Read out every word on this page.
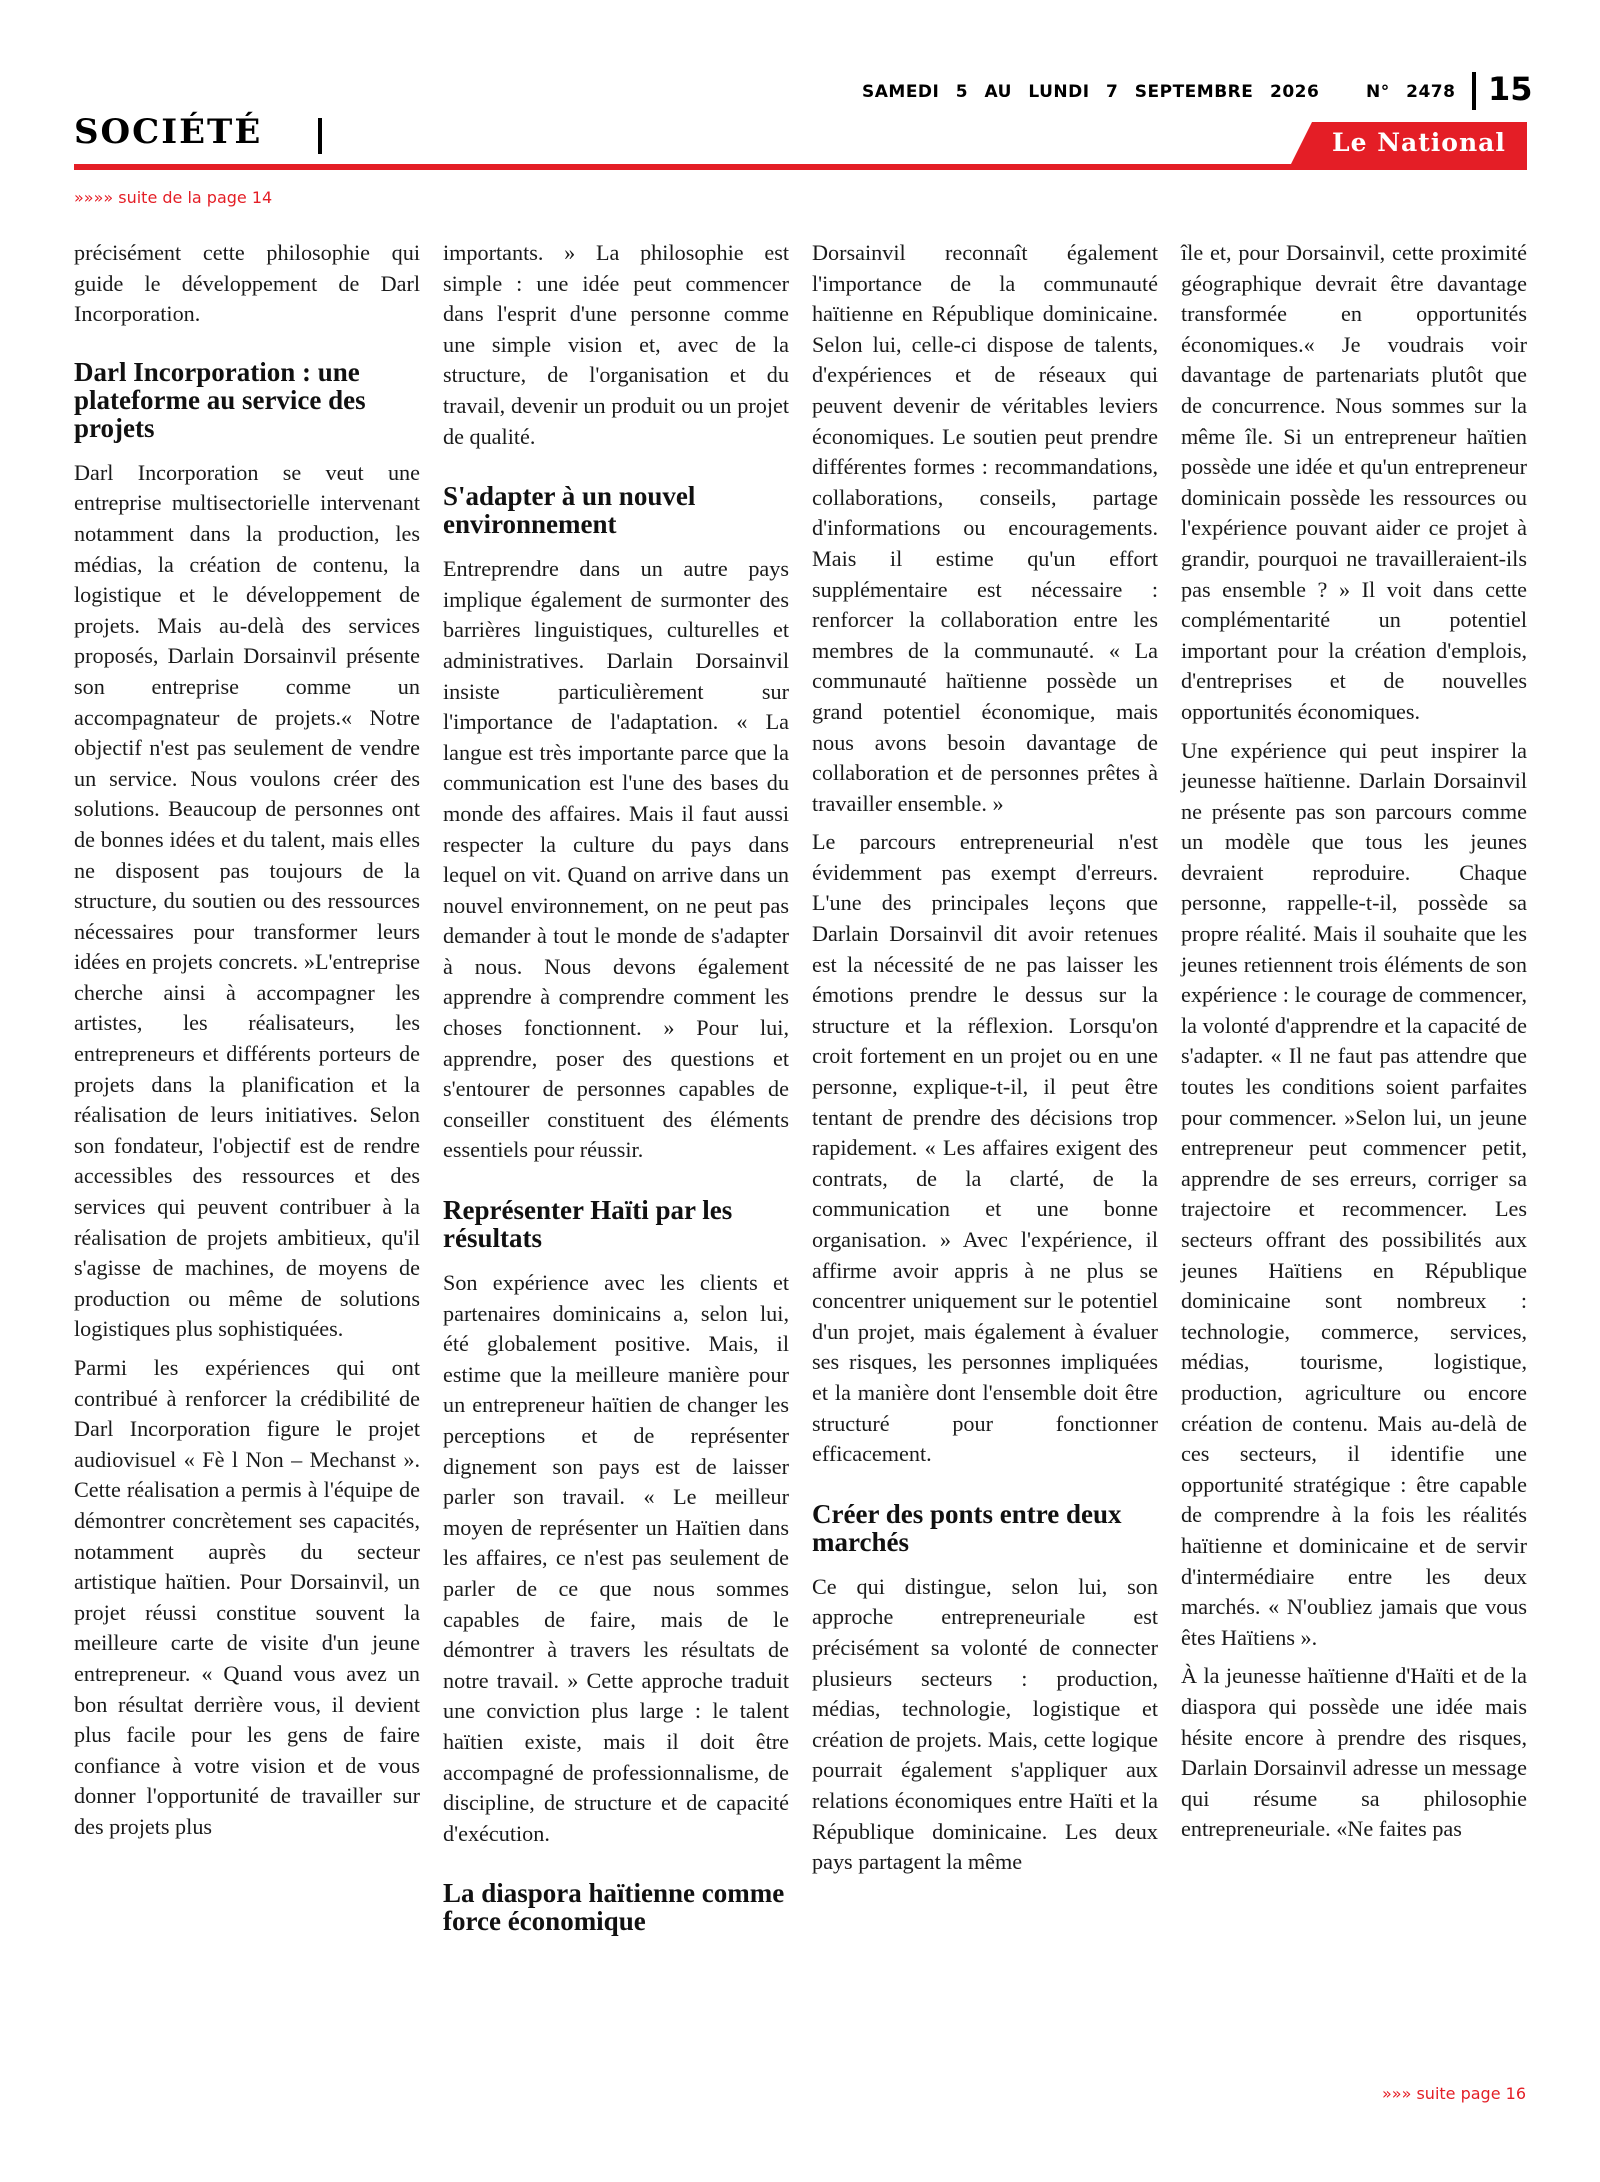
SOCIÉTÉ
SAMEDI 5 AU LUNDI 7 SEPTEMBRE 2026	N° 2478 15
Le National
»»»» suite de la page 14

précisément cette philosophie qui guide le développement de Darl Incorporation.

Darl Incorporation : une plateforme au service des projets

Darl Incorporation se veut une entreprise multisectorielle intervenant notamment dans la production, les médias, la création de contenu, la logistique et le développement de projets. Mais au-delà des services proposés, Darlain Dorsainvil présente son entreprise comme un accompagnateur de projets.« Notre objectif n'est pas seulement de vendre un service. Nous voulons créer des solutions. Beaucoup de personnes ont de bonnes idées et du talent, mais elles ne disposent pas toujours de la structure, du soutien ou des ressources nécessaires pour transformer leurs idées en projets concrets. »L'entreprise cherche ainsi à accompagner les artistes, les réalisateurs, les entrepreneurs et différents porteurs de projets dans la planification et la réalisation de leurs initiatives. Selon son fondateur, l'objectif est de rendre accessibles des ressources et des services qui peuvent contribuer à la réalisation de projets ambitieux, qu'il s'agisse de machines, de moyens de production ou même de solutions logistiques plus sophistiquées.

Parmi les expériences qui ont contribué à renforcer la crédibilité de Darl Incorporation figure le projet audiovisuel « Fè l Non – Mechanst ». Cette réalisation a permis à l'équipe de démontrer concrètement ses capacités, notamment auprès du secteur artistique haïtien. Pour Dorsainvil, un projet réussi constitue souvent la meilleure carte de visite d'un jeune entrepreneur. « Quand vous avez un bon résultat derrière vous, il devient plus facile pour les gens de faire confiance à votre vision et de vous donner l'opportunité de travailler sur des projets plus

importants. » La philosophie est simple : une idée peut commencer dans l'esprit d'une personne comme une simple vision et, avec de la structure, de l'organisation et du travail, devenir un produit ou un projet de qualité.

S'adapter à un nouvel environnement

Entreprendre dans un autre pays implique également de surmonter des barrières linguistiques, culturelles et administratives. Darlain Dorsainvil insiste particulièrement sur l'importance de l'adaptation. « La langue est très importante parce que la communication est l'une des bases du monde des affaires. Mais il faut aussi respecter la culture du pays dans lequel on vit. Quand on arrive dans un nouvel environnement, on ne peut pas demander à tout le monde de s'adapter à nous. Nous devons également apprendre à comprendre comment les choses fonctionnent. » Pour lui, apprendre, poser des questions et s'entourer de personnes capables de conseiller constituent des éléments essentiels pour réussir.

Représenter Haïti par les résultats

Son expérience avec les clients et partenaires dominicains a, selon lui, été globalement positive. Mais, il estime que la meilleure manière pour un entrepreneur haïtien de changer les perceptions et de représenter dignement son pays est de laisser parler son travail. « Le meilleur moyen de représenter un Haïtien dans les affaires, ce n'est pas seulement de parler de ce que nous sommes capables de faire, mais de le démontrer à travers les résultats de notre travail. » Cette approche traduit une conviction plus large : le talent haïtien existe, mais il doit être accompagné de professionnalisme, de discipline, de structure et de capacité d'exécution.

La diaspora haïtienne comme force économique

Dorsainvil reconnaît également l'importance de la communauté haïtienne en République dominicaine. Selon lui, celle-ci dispose de talents, d'expériences et de réseaux qui peuvent devenir de véritables leviers économiques. Le soutien peut prendre différentes formes : recommandations, collaborations, conseils, partage d'informations ou encouragements. Mais il estime qu'un effort supplémentaire est nécessaire : renforcer la collaboration entre les membres de la communauté. « La communauté haïtienne possède un grand potentiel économique, mais nous avons besoin davantage de collaboration et de personnes prêtes à travailler ensemble. »

Le parcours entrepreneurial n'est évidemment pas exempt d'erreurs. L'une des principales leçons que Darlain Dorsainvil dit avoir retenues est la nécessité de ne pas laisser les émotions prendre le dessus sur la structure et la réflexion. Lorsqu'on croit fortement en un projet ou en une personne, explique-t-il, il peut être tentant de prendre des décisions trop rapidement. « Les affaires exigent des contrats, de la clarté, de la communication et une bonne organisation. » Avec l'expérience, il affirme avoir appris à ne plus se concentrer uniquement sur le potentiel d'un projet, mais également à évaluer ses risques, les personnes impliquées et la manière dont l'ensemble doit être structuré pour fonctionner efficacement.

Créer des ponts entre deux marchés

Ce qui distingue, selon lui, son approche entrepreneuriale est précisément sa volonté de connecter plusieurs secteurs : production, médias, technologie, logistique et création de projets. Mais, cette logique pourrait également s'appliquer aux relations économiques entre Haïti et la République dominicaine. Les deux pays partagent la même

île et, pour Dorsainvil, cette proximité géographique devrait être davantage transformée en opportunités économiques.« Je voudrais voir davantage de partenariats plutôt que de concurrence. Nous sommes sur la même île. Si un entrepreneur haïtien possède une idée et qu'un entrepreneur dominicain possède les ressources ou l'expérience pouvant aider ce projet à grandir, pourquoi ne travailleraient-ils pas ensemble ? » Il voit dans cette complémentarité un potentiel important pour la création d'emplois, d'entreprises et de nouvelles opportunités économiques.

Une expérience qui peut inspirer la jeunesse haïtienne. Darlain Dorsainvil ne présente pas son parcours comme un modèle que tous les jeunes devraient reproduire. Chaque personne, rappelle-t-il, possède sa propre réalité. Mais il souhaite que les jeunes retiennent trois éléments de son expérience : le courage de commencer, la volonté d'apprendre et la capacité de s'adapter. « Il ne faut pas attendre que toutes les conditions soient parfaites pour commencer. »Selon lui, un jeune entrepreneur peut commencer petit, apprendre de ses erreurs, corriger sa trajectoire et recommencer. Les secteurs offrant des possibilités aux jeunes Haïtiens en République dominicaine sont nombreux : technologie, commerce, services, médias, tourisme, logistique, production, agriculture ou encore création de contenu. Mais au-delà de ces secteurs, il identifie une opportunité stratégique : être capable de comprendre à la fois les réalités haïtienne et dominicaine et de servir d'intermédiaire entre les deux marchés. « N'oubliez jamais que vous êtes Haïtiens ».

À la jeunesse haïtienne d'Haïti et de la diaspora qui possède une idée mais hésite encore à prendre des risques, Darlain Dorsainvil adresse un message qui résume sa philosophie entrepreneuriale. «Ne faites pas

»»» suite page 16
